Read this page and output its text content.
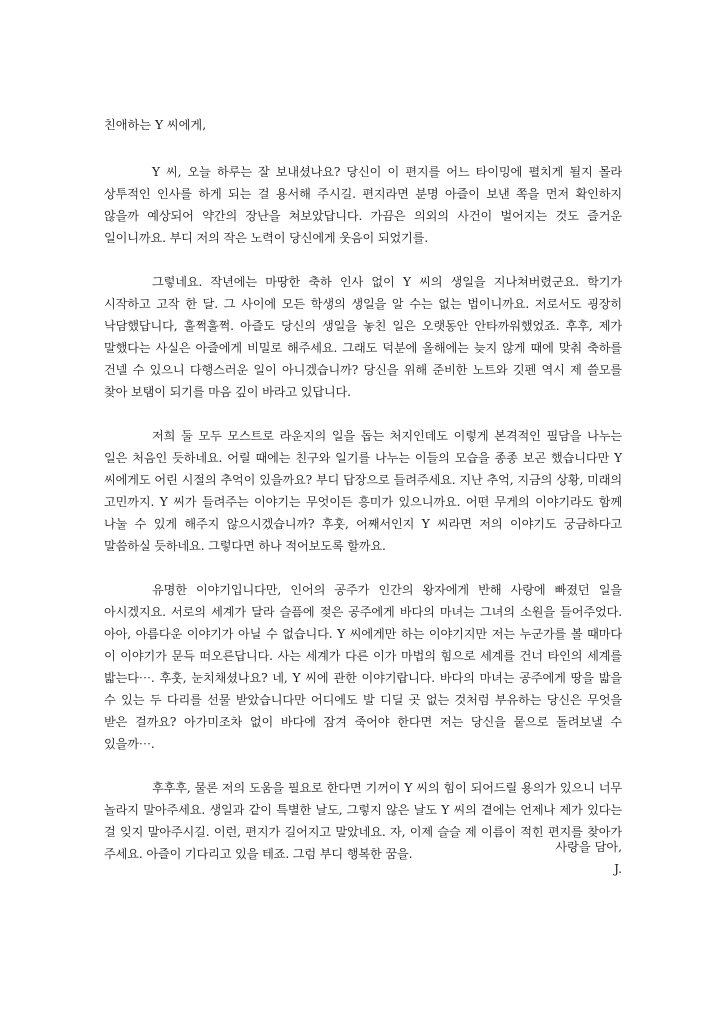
친애하는 Y 씨에게,

Y 씨, 오늘 하루는 잘 보내셨나요? 당신이 이 편지를 어느 타이밍에 펼치게 될지 몰라 상투적인 인사를 하게 되는 걸 용서해 주시길. 편지라면 분명 아즐이 보낸 쪽을 먼저 확인하지 않을까 예상되어 약간의 장난을 쳐보았답니다. 가끔은 의외의 사건이 벌어지는 것도 즐거운 일이니까요. 부디 저의 작은 노력이 당신에게 웃음이 되었기를.

그렇네요. 작년에는 마땅한 축하 인사 없이 Y 씨의 생일을 지나쳐버렸군요. 학기가 시작하고 고작 한 달. 그 사이에 모든 학생의 생일을 알 수는 없는 법이니까요. 저로서도 굉장히 낙담했답니다, 훌쩍훌쩍. 아즐도 당신의 생일을 놓친 일은 오랫동안 안타까워했었죠. 후후, 제가 말했다는 사실은 아즐에게 비밀로 해주세요. 그래도 덕분에 올해에는 늦지 않게 때에 맞춰 축하를 건넬 수 있으니 다행스러운 일이 아니겠습니까? 당신을 위해 준비한 노트와 깃펜 역시 제 쓸모를 찾아 보탬이 되기를 마음 깊이 바라고 있답니다.

저희 둘 모두 모스트로 라운지의 일을 돕는 처지인데도 이렇게 본격적인 필담을 나누는 일은 처음인 듯하네요. 어릴 때에는 친구와 일기를 나누는 이들의 모습을 종종 보곤 했습니다만 Y 씨에게도 어린 시절의 추억이 있을까요? 부디 답장으로 들려주세요. 지난 추억, 지금의 상황, 미래의 고민까지. Y 씨가 들려주는 이야기는 무엇이든 흥미가 있으니까요. 어떤 무게의 이야기라도 함께 나눌 수 있게 해주지 않으시겠습니까? 후훗, 어째서인지 Y 씨라면 저의 이야기도 궁금하다고 말씀하실 듯하네요. 그렇다면 하나 적어보도록 할까요.

유명한 이야기입니다만, 인어의 공주가 인간의 왕자에게 반해 사랑에 빠졌던 일을 아시겠지요. 서로의 세계가 달라 슬픔에 젖은 공주에게 바다의 마녀는 그녀의 소원을 들어주었다. 아아, 아름다운 이야기가 아닐 수 없습니다. Y 씨에게만 하는 이야기지만 저는 누군가를 볼 때마다 이 이야기가 문득 떠오른답니다. 사는 세계가 다른 이가 마법의 힘으로 세계를 건너 타인의 세계를 밟는다⋯. 후훗, 눈치채셨나요? 네, Y 씨에 관한 이야기랍니다. 바다의 마녀는 공주에게 땅을 밟을 수 있는 두 다리를 선물 받았습니다만 어디에도 발 디딜 곳 없는 것처럼 부유하는 당신은 무엇을 받은 걸까요? 아가미조차 없이 바다에 잠겨 죽어야 한다면 저는 당신을 뭍으로 돌려보낼 수 있을까⋯.

후후후, 물론 저의 도움을 필요로 한다면 기꺼이 Y 씨의 힘이 되어드릴 용의가 있으니 너무 놀라지 말아주세요. 생일과 같이 특별한 날도, 그렇지 않은 날도 Y 씨의 곁에는 언제나 제가 있다는 걸 잊지 말아주시길. 이런, 편지가 길어지고 말았네요. 자, 이제 슬슬 제 이름이 적힌 편지를 찾아가 주세요. 아즐이 기다리고 있을 테죠. 그럼 부디 행복한 꿈을.	사랑을 담아,
J.
